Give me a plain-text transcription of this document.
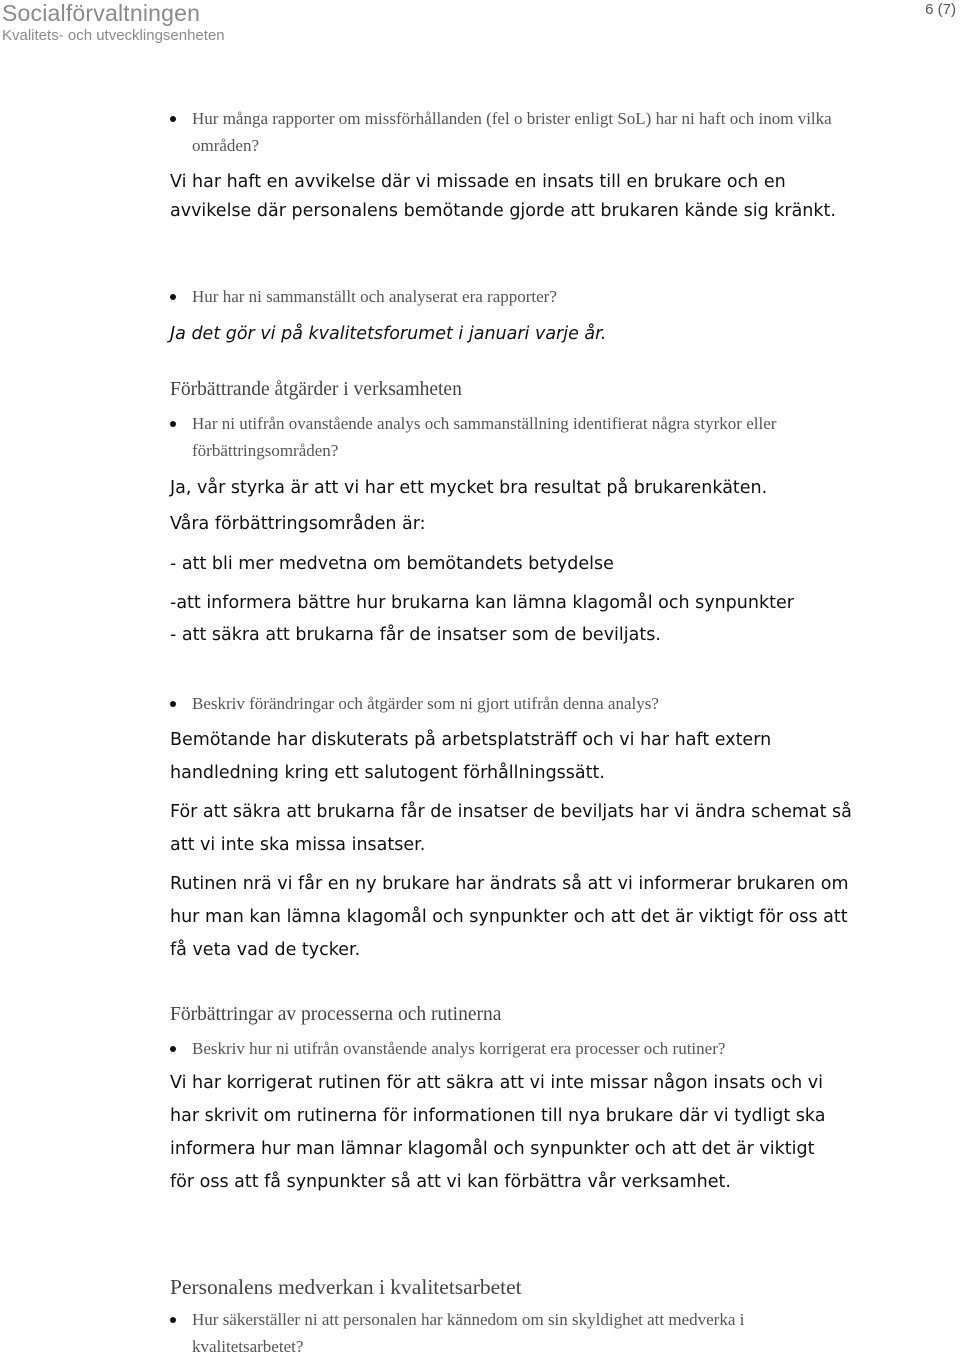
Socialförvaltningen
Kvalitets- och utvecklingsenheten
6 (7)
Hur många rapporter om missförhållanden (fel o brister enligt SoL) har ni haft och inom vilka områden?
Vi har haft en avvikelse där vi missade en insats till en brukare och en avvikelse där personalens bemötande gjorde att brukaren kände sig kränkt.
Hur har ni sammanställt och analyserat era rapporter?
Ja det gör vi på kvalitetsforumet i januari varje år.
Förbättrande åtgärder i verksamheten
Har ni utifrån ovanstående analys och sammanställning identifierat några styrkor eller förbättringsområden?
Ja, vår styrka är att vi har ett mycket bra resultat på brukarenkäten.
Våra förbättringsområden är:
- att bli mer medvetna om bemötandets betydelse
-att informera bättre hur brukarna kan lämna klagomål och synpunkter
- att säkra att brukarna får de insatser som de beviljats.
Beskriv förändringar och åtgärder som ni gjort utifrån denna analys?
Bemötande har diskuterats på arbetsplatsträff och vi har haft extern handledning kring ett salutogent förhållningssätt.
För att säkra att brukarna får de insatser de beviljats har vi ändra schemat så att vi inte ska missa insatser.
Rutinen nrä vi får en ny brukare har ändrats så att vi informerar brukaren om hur man kan lämna klagomål och synpunkter och att det är viktigt för oss att få veta vad de tycker.
Förbättringar av processerna och rutinerna
Beskriv hur ni utifrån ovanstående analys korrigerat era processer och rutiner?
Vi har korrigerat rutinen för att säkra att vi inte missar någon insats och vi har skrivit om rutinerna för informationen till nya brukare där vi tydligt ska informera hur man lämnar klagomål och synpunkter och att det är viktigt för oss att få synpunkter så att vi kan förbättra vår verksamhet.
Personalens medverkan i kvalitetsarbetet
Hur säkerställer ni att personalen har kännedom om sin skyldighet att medverka i kvalitetsarbetet?
